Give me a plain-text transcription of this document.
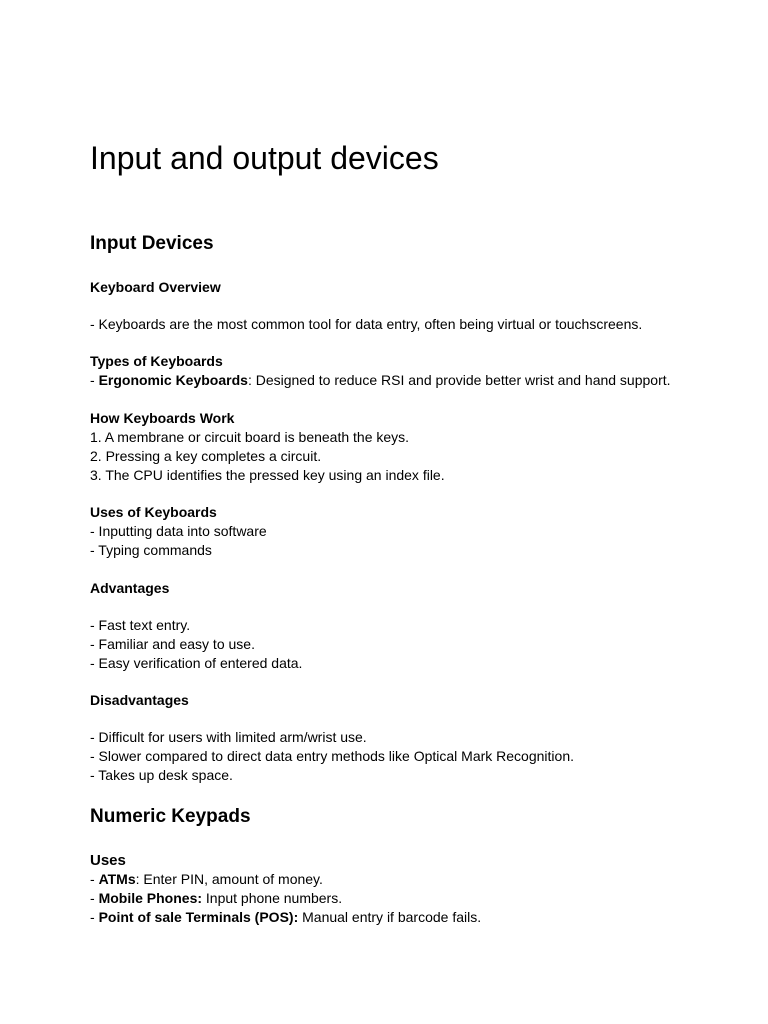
Input and output devices
Input Devices
Keyboard Overview

- Keyboards are the most common tool for data entry, often being virtual or touchscreens.

Types of Keyboards

- Ergonomic Keyboards: Designed to reduce RSI and provide better wrist and hand support.

How Keyboards Work

1. A membrane or circuit board is beneath the keys.

2. Pressing a key completes a circuit.

3. The CPU identifies the pressed key using an index file.

Uses of Keyboards

- Inputting data into software

- Typing commands

Advantages

- Fast text entry.

- Familiar and easy to use.

- Easy verification of entered data.

Disadvantages

- Difficult for users with limited arm/wrist use.

- Slower compared to direct data entry methods like Optical Mark Recognition.

- Takes up desk space.

Numeric Keypads
Uses

- ATMs: Enter PIN, amount of money.

- Mobile Phones: Input phone numbers.

- Point of sale Terminals (POS): Manual entry if barcode fails.
